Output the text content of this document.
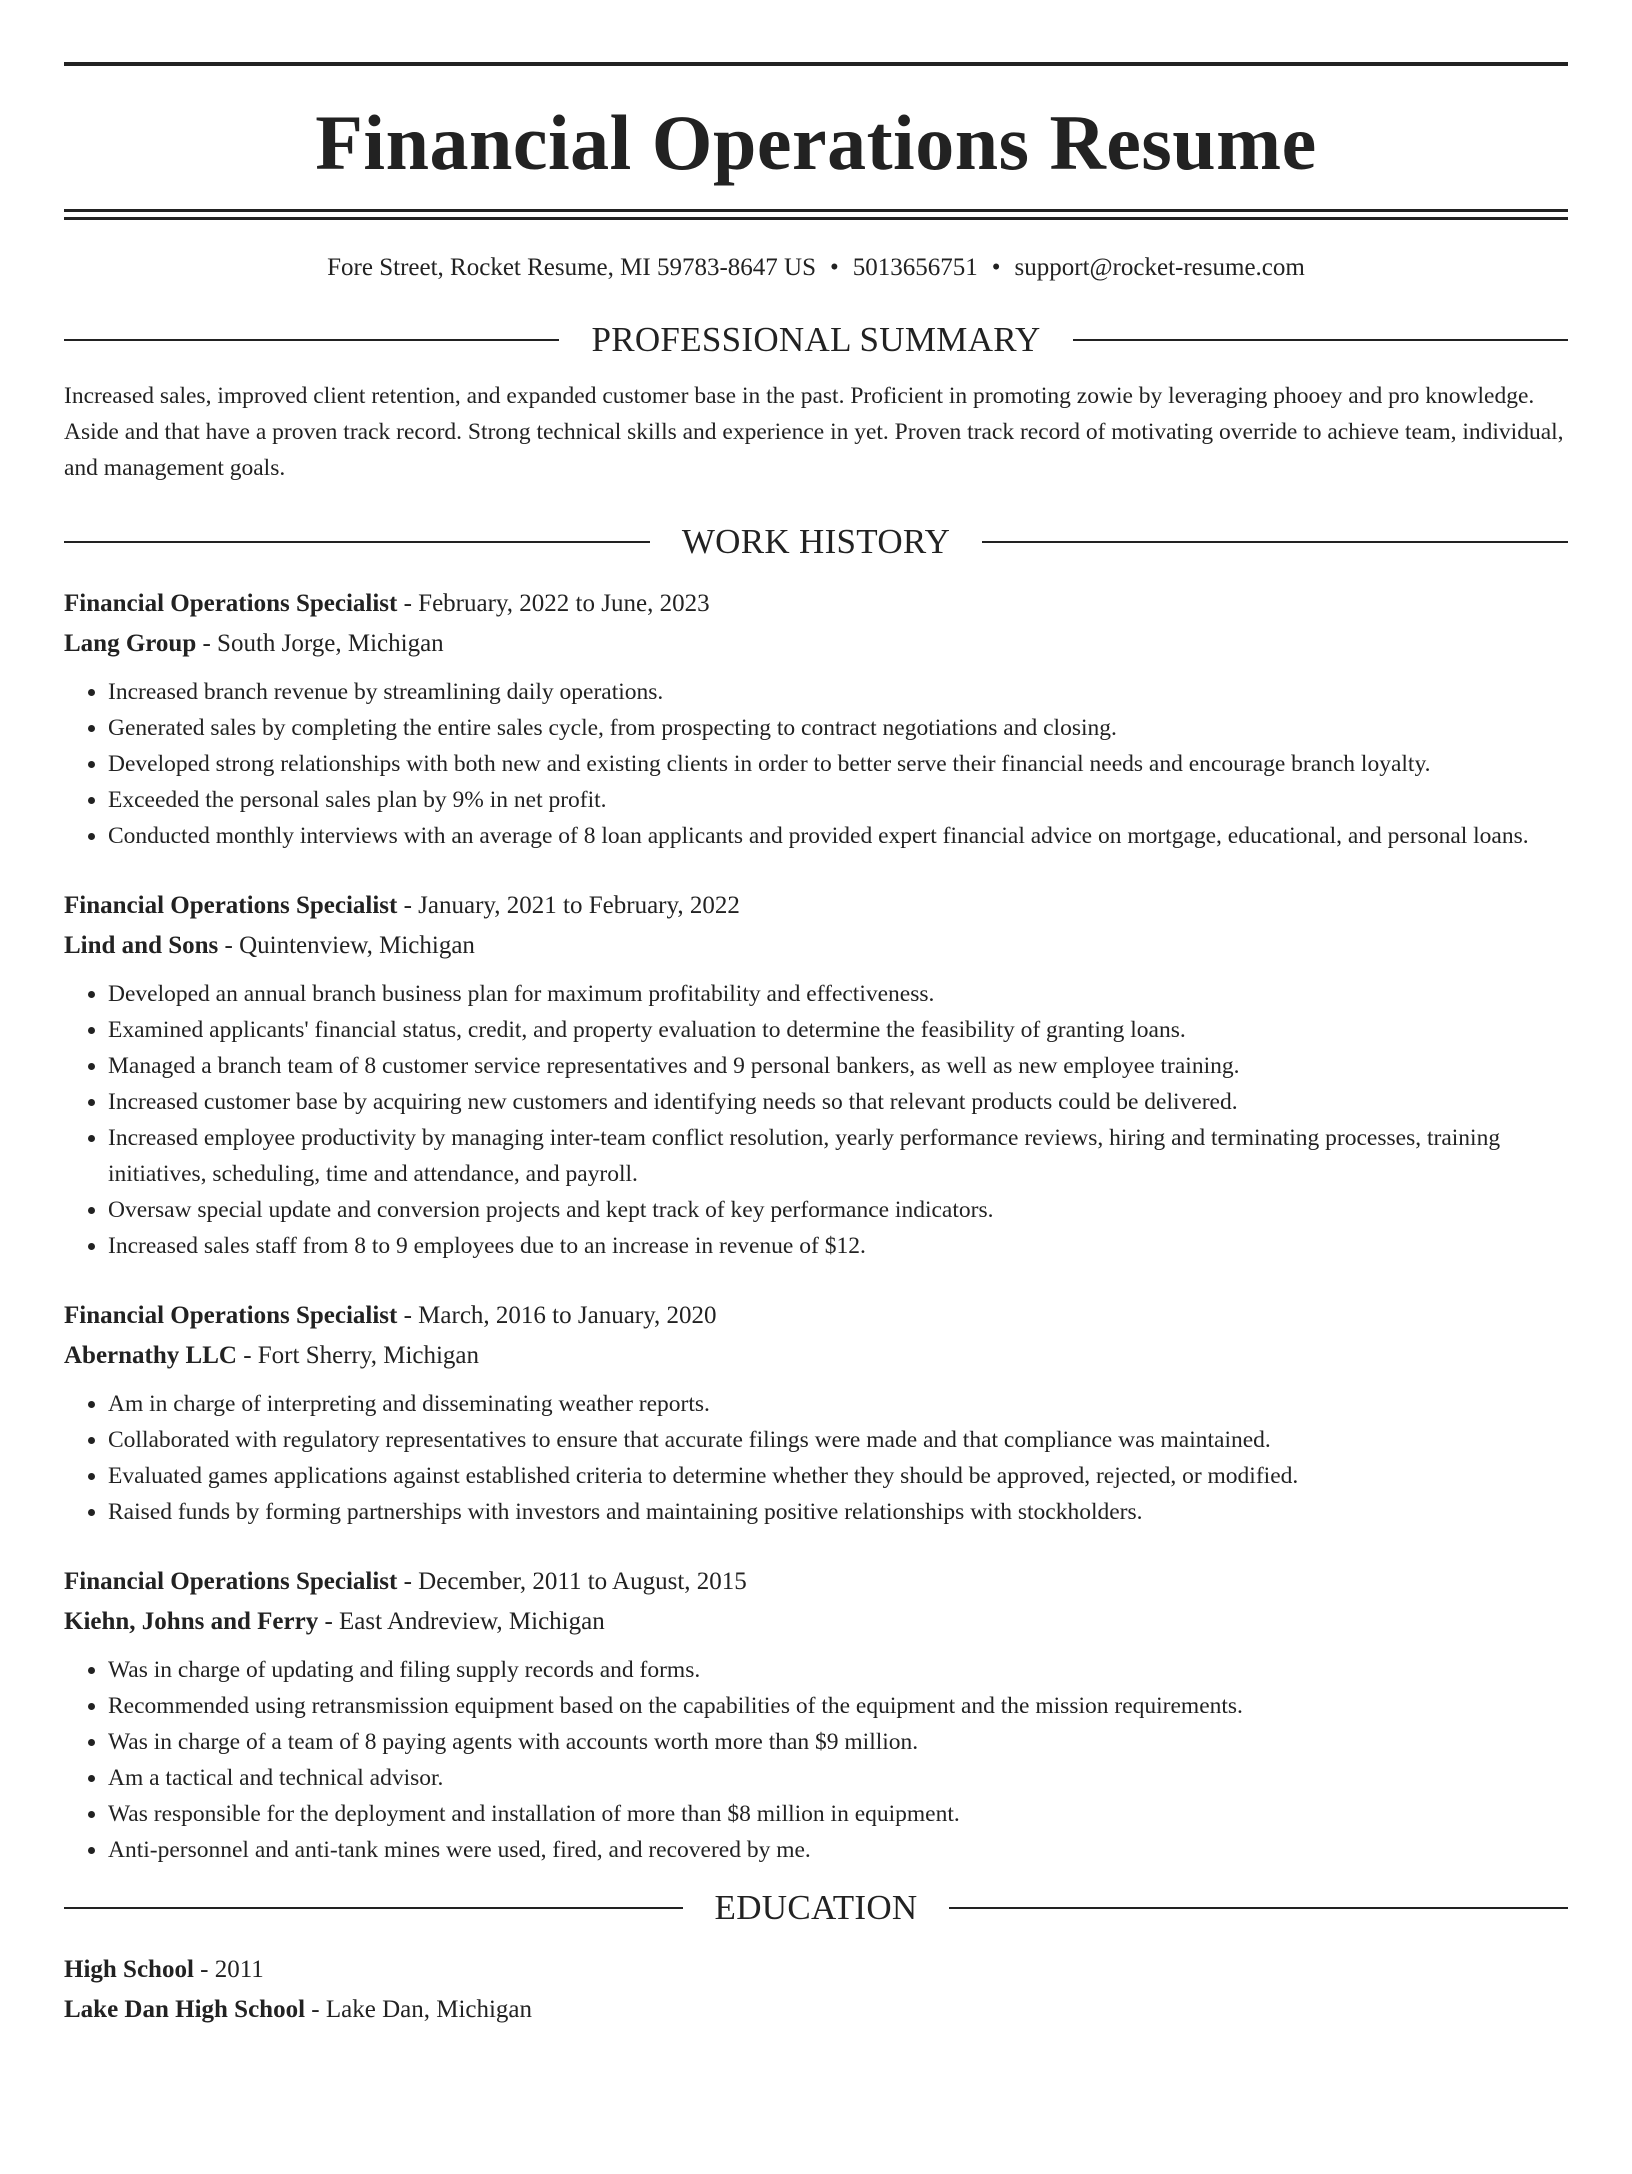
Financial Operations Resume
Fore Street, Rocket Resume, MI 59783-8647 US • 5013656751 • support@rocket-resume.com
PROFESSIONAL SUMMARY
Increased sales, improved client retention, and expanded customer base in the past. Proficient in promoting zowie by leveraging phooey and pro knowledge. Aside and that have a proven track record. Strong technical skills and experience in yet. Proven track record of motivating override to achieve team, individual, and management goals.
WORK HISTORY
Financial Operations Specialist - February, 2022 to June, 2023
Lang Group - South Jorge, Michigan
• Increased branch revenue by streamlining daily operations.
• Generated sales by completing the entire sales cycle, from prospecting to contract negotiations and closing.
• Developed strong relationships with both new and existing clients in order to better serve their financial needs and encourage branch loyalty.
• Exceeded the personal sales plan by 9% in net profit.
• Conducted monthly interviews with an average of 8 loan applicants and provided expert financial advice on mortgage, educational, and personal loans.
Financial Operations Specialist - January, 2021 to February, 2022
Lind and Sons - Quintenview, Michigan
• Developed an annual branch business plan for maximum profitability and effectiveness.
• Examined applicants' financial status, credit, and property evaluation to determine the feasibility of granting loans.
• Managed a branch team of 8 customer service representatives and 9 personal bankers, as well as new employee training.
• Increased customer base by acquiring new customers and identifying needs so that relevant products could be delivered.
• Increased employee productivity by managing inter-team conflict resolution, yearly performance reviews, hiring and terminating processes, training initiatives, scheduling, time and attendance, and payroll.
• Oversaw special update and conversion projects and kept track of key performance indicators.
• Increased sales staff from 8 to 9 employees due to an increase in revenue of $12.
Financial Operations Specialist - March, 2016 to January, 2020
Abernathy LLC - Fort Sherry, Michigan
• Am in charge of interpreting and disseminating weather reports.
• Collaborated with regulatory representatives to ensure that accurate filings were made and that compliance was maintained.
• Evaluated games applications against established criteria to determine whether they should be approved, rejected, or modified.
• Raised funds by forming partnerships with investors and maintaining positive relationships with stockholders.
Financial Operations Specialist - December, 2011 to August, 2015
Kiehn, Johns and Ferry - East Andreview, Michigan
• Was in charge of updating and filing supply records and forms.
• Recommended using retransmission equipment based on the capabilities of the equipment and the mission requirements.
• Was in charge of a team of 8 paying agents with accounts worth more than $9 million.
• Am a tactical and technical advisor.
• Was responsible for the deployment and installation of more than $8 million in equipment.
• Anti-personnel and anti-tank mines were used, fired, and recovered by me.
EDUCATION
High School - 2011
Lake Dan High School - Lake Dan, Michigan
